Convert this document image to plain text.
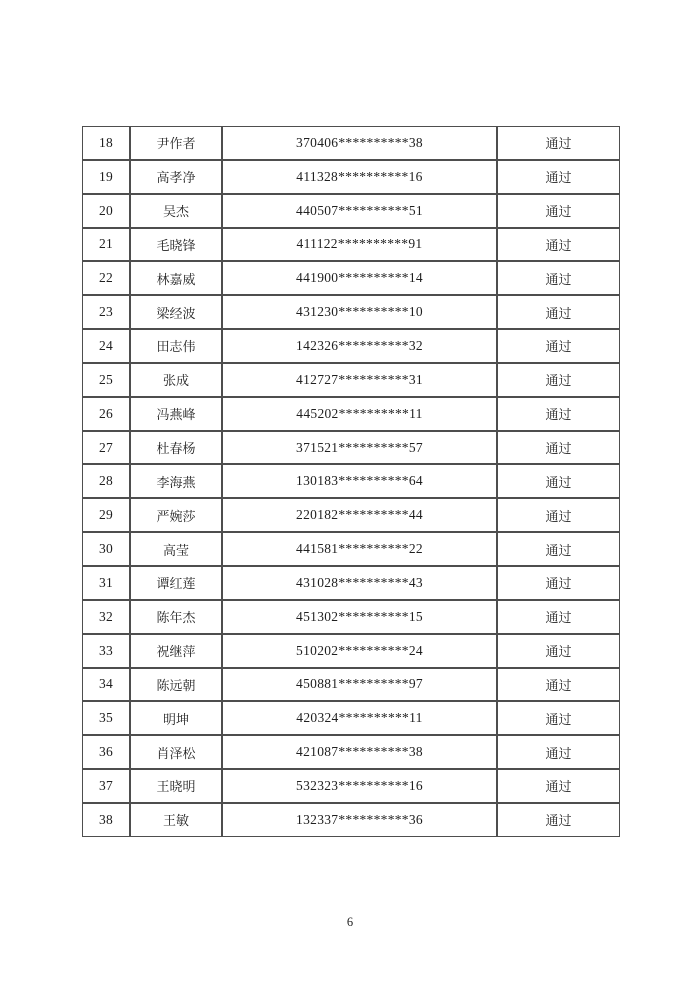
18	尹作者	370406**********38	通过
19	高孝净	411328**********16	通过
20	吴杰	440507**********51	通过
21	毛晓锋	411122**********91	通过
22	林嘉威	441900**********14	通过
23	梁经波	431230**********10	通过
24	田志伟	142326**********32	通过
25	张成	412727**********31	通过
26	冯燕峰	445202**********11	通过
27	杜春杨	371521**********57	通过
28	李海燕	130183**********64	通过
29	严婉莎	220182**********44	通过
30	高莹	441581**********22	通过
31	谭红莲	431028**********43	通过
32	陈年杰	451302**********15	通过
33	祝继萍	510202**********24	通过
34	陈远朝	450881**********97	通过
35	明坤	420324**********11	通过
36	肖泽松	421087**********38	通过
37	王晓明	532323**********16	通过
38	王敏	132337**********36	通过
6
